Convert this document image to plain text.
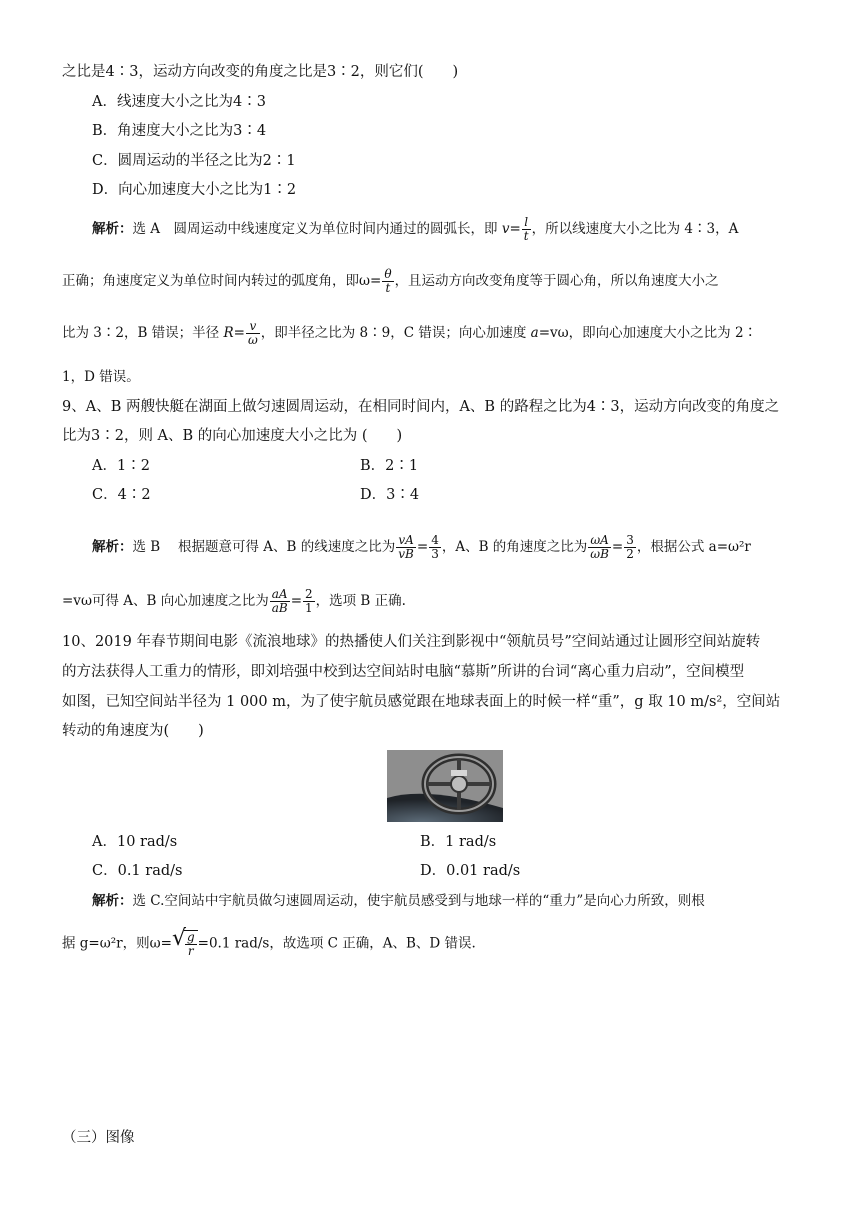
之比是4∶3，运动方向改变的角度之比是3∶2，则它们(　　)
A．线速度大小之比为4∶3
B．角速度大小之比为3∶4
C．圆周运动的半径之比为2∶1
D．向心加速度大小之比为1∶2
解析：选 A　圆周运动中线速度定义为单位时间内通过的圆弧长，即 $v= \frac{l}{t}$ ，所以线速度大小之比为 4∶3，A
正确；角速度定义为单位时间内转过的弧度角，即$\omega= \frac{\theta}{t}$ ，且运动方向改变角度等于圆心角，所以角速度大小之
比为 3∶2，B 错误；半径 $R= \frac{v}{\omega}$ ，即半径之比为 8∶9，C 错误；向心加速度 a=vω，即向心加速度大小之比为 2∶
1，D 错误。
9、A、B 两艘快艇在湖面上做匀速圆周运动，在相同时间内，A、B 的路程之比为4∶3，运动方向改变的角度之
比为3∶2，则 A、B 的向心加速度大小之比为 (　　)
A．1∶2	B．2∶1
C．4∶2	D．3∶4
解析：选 B　 根据题意可得 A、B 的线速度之比为 $\frac{vA}{vB} = \frac{4}{3}$ ，A、B 的角速度之比为 $\frac{\omega A}{\omega B} = \frac{3}{2}$ ，根据公式 a=ω²r
=vω可得 A、B 向心加速度之比为 $\frac{aA}{aB} = \frac{2}{1}$ ，选项 B 正确.
10、2019 年春节期间电影《流浪地球》的热播使人们关注到影视中“领航员号”空间站通过让圆形空间站旋转
的方法获得人工重力的情形，即刘培强中校到达空间站时电脑“慕斯”所讲的台词“离心重力启动”，空间模型
如图，已知空间站半径为 1 000 m，为了使宇航员感觉跟在地球表面上的时候一样“重”，g 取 10 m/s²，空间站
转动的角速度为(　　)
A．10 rad/s	B．1 rad/s
C．0.1 rad/s	D．0.01 rad/s
解析：选 C.空间站中宇航员做匀速圆周运动，使宇航员感受到与地球一样的“重力”是向心力所致，则根
据 g=ω²r，则ω= √
$\frac{g}{r} =0.1$ rad/s，故选项 C 正确，A、B、D 错误.
（三）图像
